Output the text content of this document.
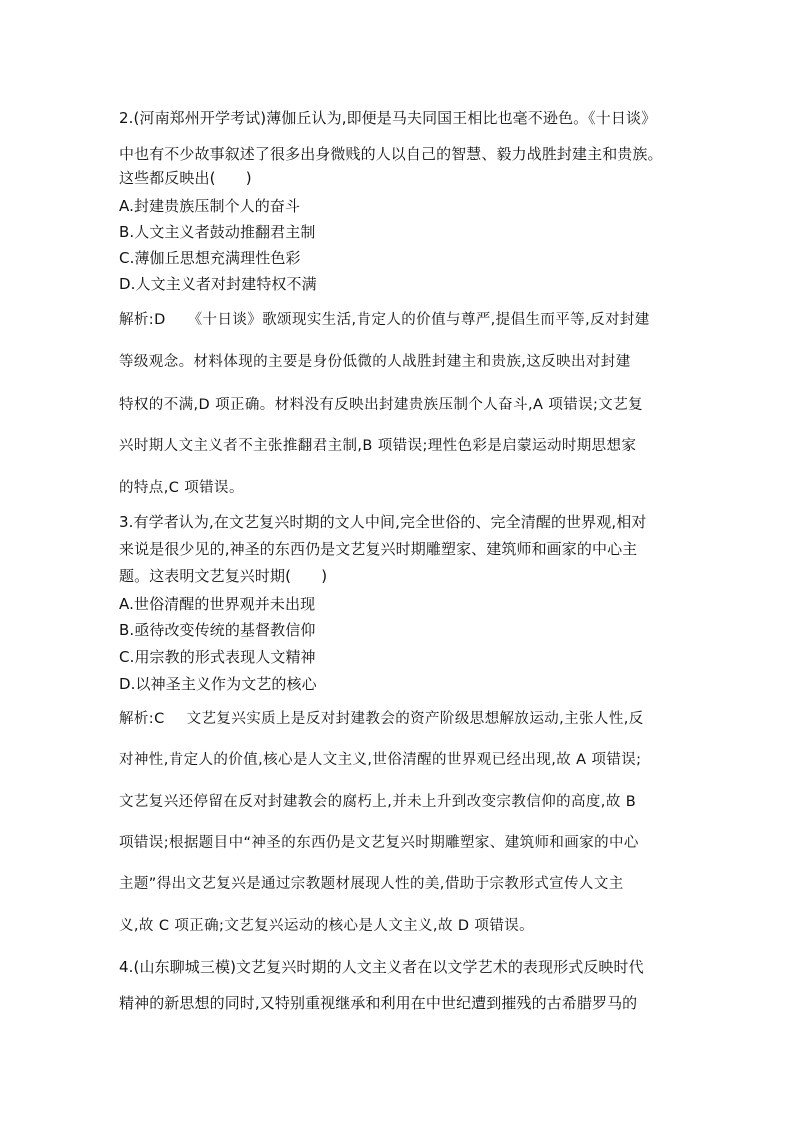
2.(河南郑州开学考试)薄伽丘认为,即便是马夫同国王相比也毫不逊色。《十日谈》
中也有不少故事叙述了很多出身微贱的人以自己的智慧、毅力战胜封建主和贵族。
这些都反映出(　　)
A.封建贵族压制个人的奋斗
B.人文主义者鼓动推翻君主制
C.薄伽丘思想充满理性色彩
D.人文主义者对封建特权不满
解析:D 《十日谈》歌颂现实生活,肯定人的价值与尊严,提倡生而平等,反对封建
等级观念。材料体现的主要是身份低微的人战胜封建主和贵族,这反映出对封建
特权的不满,D 项正确。材料没有反映出封建贵族压制个人奋斗,A 项错误;文艺复
兴时期人文主义者不主张推翻君主制,B 项错误;理性色彩是启蒙运动时期思想家
的特点,C 项错误。
3.有学者认为,在文艺复兴时期的文人中间,完全世俗的、完全清醒的世界观,相对
来说是很少见的,神圣的东西仍是文艺复兴时期雕塑家、建筑师和画家的中心主
题。这表明文艺复兴时期(　　)
A.世俗清醒的世界观并未出现
B.亟待改变传统的基督教信仰
C.用宗教的形式表现人文精神
D.以神圣主义作为文艺的核心
解析:C 文艺复兴实质上是反对封建教会的资产阶级思想解放运动,主张人性,反
对神性,肯定人的价值,核心是人文主义,世俗清醒的世界观已经出现,故 A 项错误;
文艺复兴还停留在反对封建教会的腐朽上,并未上升到改变宗教信仰的高度,故 B
项错误;根据题目中“神圣的东西仍是文艺复兴时期雕塑家、建筑师和画家的中心
主题”得出文艺复兴是通过宗教题材展现人性的美,借助于宗教形式宣传人文主
义,故 C 项正确;文艺复兴运动的核心是人文主义,故 D 项错误。
4.(山东聊城三模)文艺复兴时期的人文主义者在以文学艺术的表现形式反映时代
精神的新思想的同时,又特别重视继承和利用在中世纪遭到摧残的古希腊罗马的
